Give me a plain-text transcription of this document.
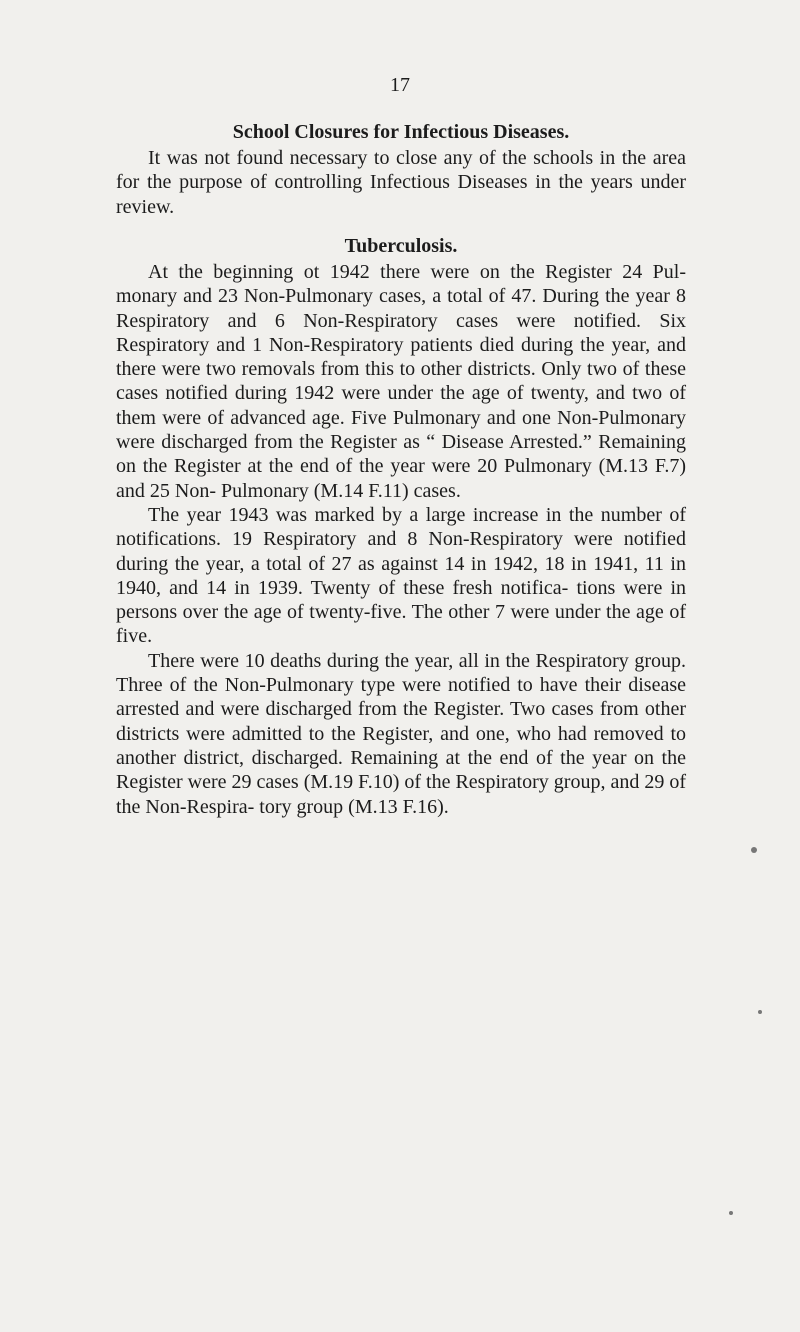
17
School Closures for Infectious Diseases.

It was not found necessary to close any of the schools in the area for the purpose of controlling Infectious Diseases in the years under review.

Tuberculosis.

At the beginning ot 1942 there were on the Register 24 Pul- monary and 23 Non-Pulmonary cases, a total of 47. During the year 8 Respiratory and 6 Non-Respiratory cases were notified. Six Respiratory and 1 Non-Respiratory patients died during the year, and there were two removals from this to other districts. Only two of these cases notified during 1942 were under the age of twenty, and two of them were of advanced age. Five Pulmonary and one Non-Pulmonary were discharged from the Register as “ Disease Arrested.” Remaining on the Register at the end of the year were 20 Pulmonary (M.13 F.7) and 25 Non- Pulmonary (M.14 F.11) cases.

The year 1943 was marked by a large increase in the number of notifications. 19 Respiratory and 8 Non-Respiratory were notified during the year, a total of 27 as against 14 in 1942, 18 in 1941, 11 in 1940, and 14 in 1939. Twenty of these fresh notifica- tions were in persons over the age of twenty-five. The other 7 were under the age of five.

There were 10 deaths during the year, all in the Respiratory group. Three of the Non-Pulmonary type were notified to have their disease arrested and were discharged from the Register. Two cases from other districts were admitted to the Register, and one, who had removed to another district, discharged. Remaining at the end of the year on the Register were 29 cases (M.19 F.10) of the Respiratory group, and 29 of the Non-Respira- tory group (M.13 F.16).
